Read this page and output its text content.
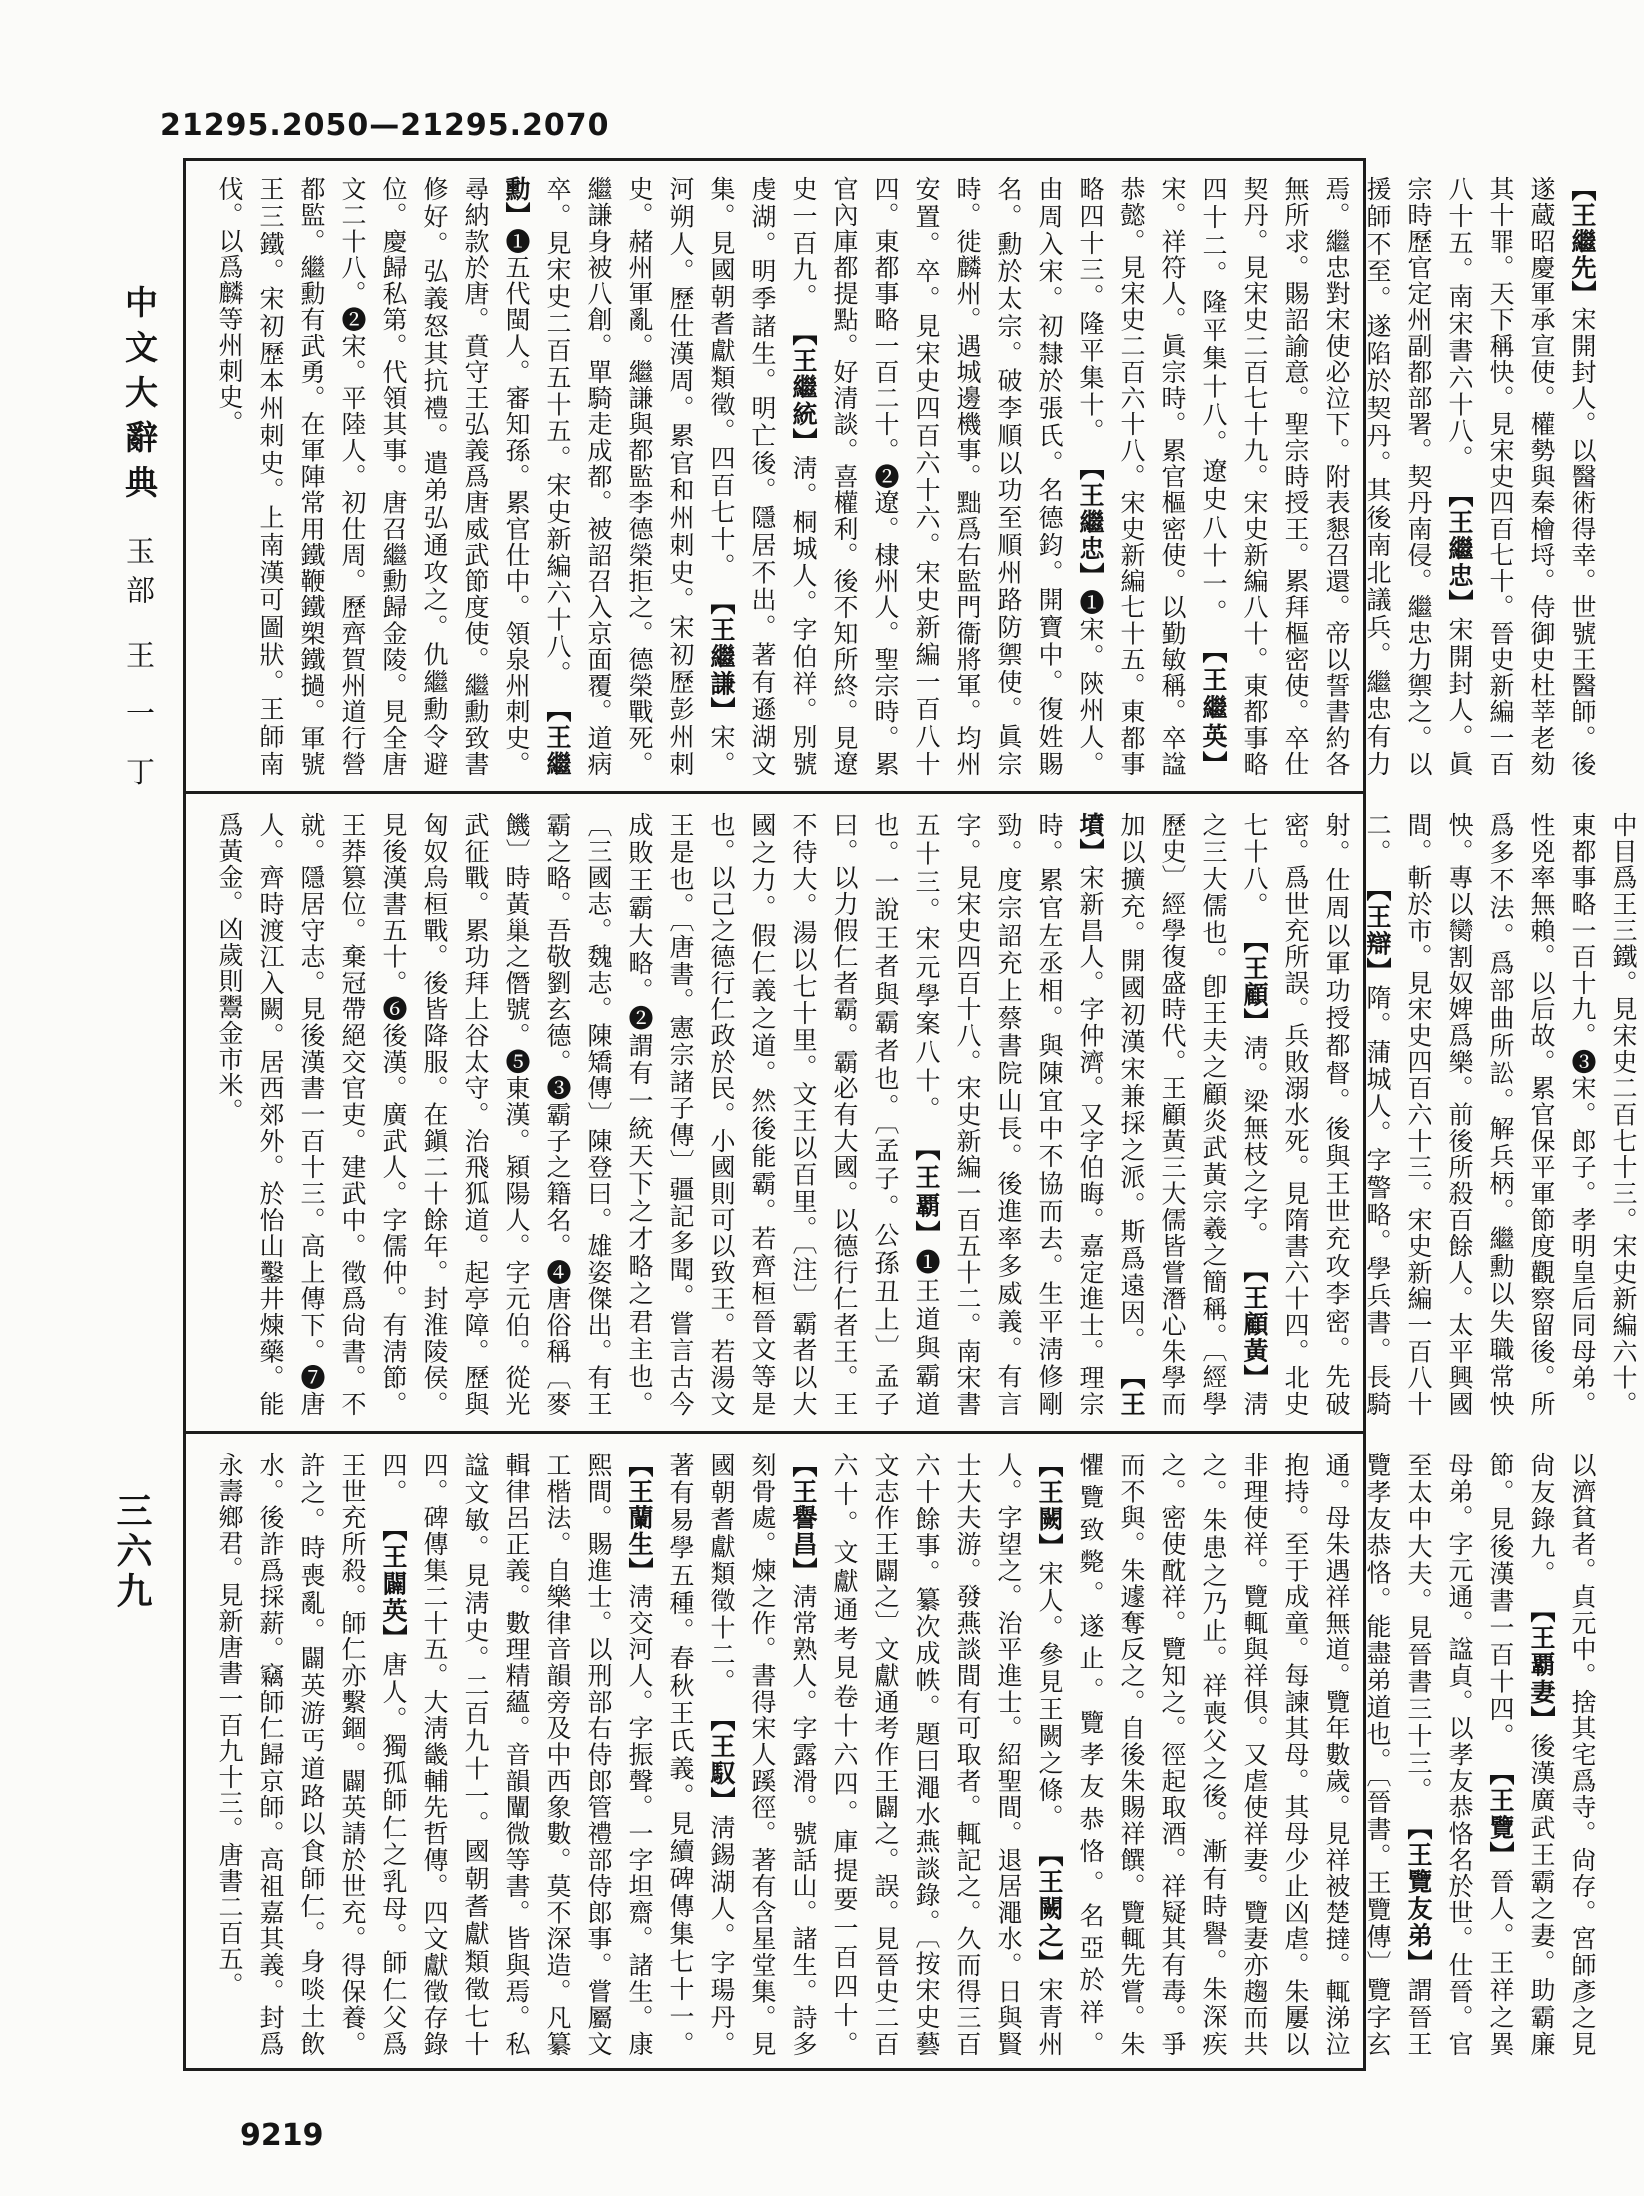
21295.2050—21295.2070
中文大辭典玉部王 一 丁
三六九
【王繼先】宋開封人。以醫術得幸。世號王醫師。後遂蔵昭慶軍承宣使。權勢與秦檜埒。侍御史杜莘老劾其十罪。天下稱快。見宋史四百七十。晉史新編一百八十五。南宋書六十八。 【王繼忠】宋開封人。眞宗時歷官定州副都部署。契丹南侵。繼忠力禦之。以援師不至。遂陷於契丹。其後南北議兵。繼忠有力焉。繼忠對宋使必泣下。附表懇召還。帝以誓書約各無所求。賜詔諭意。聖宗時授王。累拜樞密使。卒仕契丹。見宋史二百七十九。宋史新編八十。東都事略四十二。隆平集十八。遼史八十一。 【王繼英】宋。祥符人。眞宗時。累官樞密使。以勤敏稱。卒諡恭懿。見宋史二百六十八。宋史新編七十五。東都事略四十三。隆平集十。 【王繼忠】❶宋。陝州人。由周入宋。初隸於張氏。名德鈞。開寶中。復姓賜名。勳於太宗。破李順以功至順州路防禦使。眞宗時。徙麟州。遇城邊機事。黜爲右監門衞將軍。均州安置。卒。見宋史四百六十六。宋史新編一百八十四。東都事略一百二十。❷遼。棣州人。聖宗時。累官內庫都提點。好清談。喜權利。後不知所終。見遼史一百九。 【王繼統】淸。桐城人。字伯祥。別號虔湖。明季諸生。明亡後。隱居不出。著有遜湖文集。見國朝耆獻類徵。四百七十。 【王繼謙】宋。河朔人。歷仕漢周。累官和州刺史。宋初歷彭州刺史。赭州軍亂。繼謙與都監李德榮拒之。德榮戰死。繼謙身被八創。單騎走成都。被詔召入京面覆。道病卒。見宋史二百五十五。宋史新編六十八。 【王繼勳】❶五代閩人。審知孫。累官仕中。領泉州刺史。尋納款於唐。賁守王弘義爲唐威武節度使。繼勳致書修好。弘義怒其抗禮。遣弟弘通攻之。仇繼勳令避位。慶歸私第。代領其事。唐召繼勳歸金陵。見全唐文二十八。❷宋。平陸人。初仕周。歷齊賀州道行營都監。繼勳有武勇。在軍陣常用鐵鞭鐵槊鐵撾。軍號王三鐵。宋初歷本州刺史。上南漢可圖狀。王師南伐。以爲麟等州刺史。
中目爲王三鐵。見宋史二百七十三。宋史新編六十。東都事略一百十九。❸宋。郎子。孝明皇后同母弟。性兇率無賴。以后故。累官保平軍節度觀察留後。所爲多不法。爲部曲所訟。解兵柄。繼勳以失職常怏怏。專以臠割奴婢爲樂。前後所殺百餘人。太平興國間。斬於市。見宋史四百六十三。宋史新編一百八十二。 【王辯】隋。蒲城人。字警略。學兵書。長騎射。仕周以軍功授都督。後與王世充攻李密。先破密。爲世充所誤。兵敗溺水死。見隋書六十四。北史七十八。 【王顧】淸。梁無枝之字。 【王顧黃】淸之三大儒也。卽王夫之顧炎武黃宗羲之簡稱。〔經學歷史〕經學復盛時代。王顧黃三大儒皆嘗潛心朱學而加以擴充。開國初漢宋兼採之派。斯爲遠因。 【王墳】宋新昌人。字仲濟。又字伯晦。嘉定進士。理宗時。累官左丞相。與陳宜中不協而去。生平淸修剛勁。度宗詔充上蔡書院山長。後進率多威義。有言字。見宋史四百十八。宋史新編一百五十二。南宋書五十三。宋元學案八十。 【王覇】❶王道與霸道也。一說王者與霸者也。〔孟子。公孫丑上〕孟子曰。以力假仁者霸。霸必有大國。以德行仁者王。王不待大。湯以七十里。文王以百里。〔注〕霸者以大國之力。假仁義之道。然後能霸。若齊桓晉文等是也。以己之德行仁政於民。小國則可以致王。若湯文王是也。〔唐書。憲宗諸子傳〕疆記多聞。嘗言古今成敗王霸大略。❷謂有一統天下之才略之君主也。〔三國志。魏志。陳矯傳〕陳登曰。雄姿傑出。有王霸之略。吾敬劉玄德。❸霸子之籍名。❹唐俗稱〔麥饑〕時黃巢之僭號。❺東漢。潁陽人。字元伯。從光武征戰。累功拜上谷太守。治飛狐道。起亭障。歷與匈奴烏桓戰。後皆降服。在鎭二十餘年。封淮陵侯。見後漢書五十。❻後漢。廣武人。字儒仲。有淸節。王莽篡位。棄冠帶絕交官吏。建武中。徵爲尙書。不就。隱居守志。見後漢書一百十三。高上傳下。❼唐人。齊時渡江入闕。居西郊外。於怡山鑿井煉藥。能爲黃金。凶歲則鬻金市米。
以濟貧者。貞元中。捨其宅爲寺。尙存。宮師彥之見尙友錄九。 【王覇妻】後漢廣武王霸之妻。助霸廉節。見後漢書一百十四。 【王覽】晉人。王祥之異母弟。字元通。諡貞。以孝友恭恪名於世。仕晉。官至太中大夫。見晉書三十三。 【王覽友弟】謂晉王覽孝友恭恪。能盡弟道也。〔晉書。王覽傳〕覽字玄通。母朱遇祥無道。覽年數歲。見祥被楚撻。輒涕泣抱持。至于成童。每諫其母。其母少止凶虐。朱屢以非理使祥。覽輒與祥俱。又虐使祥妻。覽妻亦趨而共之。朱患之乃止。祥喪父之後。漸有時譽。朱深疾之。密使酖祥。覽知之。徑起取酒。祥疑其有毒。爭而不與。朱遽奪反之。自後朱賜祥饌。覽輒先嘗。朱懼覽致斃。遂止。覽孝友恭恪。名亞於祥。 【王闕】宋人。參見王闕之條。 【王闕之】宋青州人。字望之。治平進士。紹聖間。退居澠水。日與賢士大夫游。發燕談間有可取者。輒記之。久而得三百六十餘事。纂次成帙。題曰澠水燕談錄。〔按宋史藝文志作王闢之〕文獻通考作王闢之。誤。見晉史二百六十。文獻通考見卷十六四。庫提要一百四十。 【王譽昌】淸常熟人。字露滑。號話山。諸生。詩多刻骨處。煉之作。書得宋人蹊徑。著有含星堂集。見國朝耆獻類徵十二。 【王馭】淸錫湖人。字瑒丹。著有易學五種。春秋王氏義。見續碑傳集七十一。 【王蘭生】淸交河人。字振聲。一字坦齋。諸生。康熙間。賜進士。以刑部右侍郎管禮部侍郎事。嘗屬文工楷法。自樂律音韻旁及中西象數。莫不深造。凡纂輯律呂正義。數理精蘊。音韻闡微等書。皆與焉。私諡文敏。見淸史。二百九十一。國朝耆獻類徵七十四。碑傳集二十五。大淸畿輔先哲傳。四文獻徵存錄四。 【王闢英】唐人。獨孤師仁之乳母。師仁父爲王世充所殺。師仁亦繫錮。闢英請於世充。得保養。許之。時喪亂。闢英游丐道路以食師仁。身啖土飲水。後詐爲採薪。竊師仁歸京師。高祖嘉其義。封爲永壽鄉君。見新唐書一百九十三。唐書二百五。
9219
